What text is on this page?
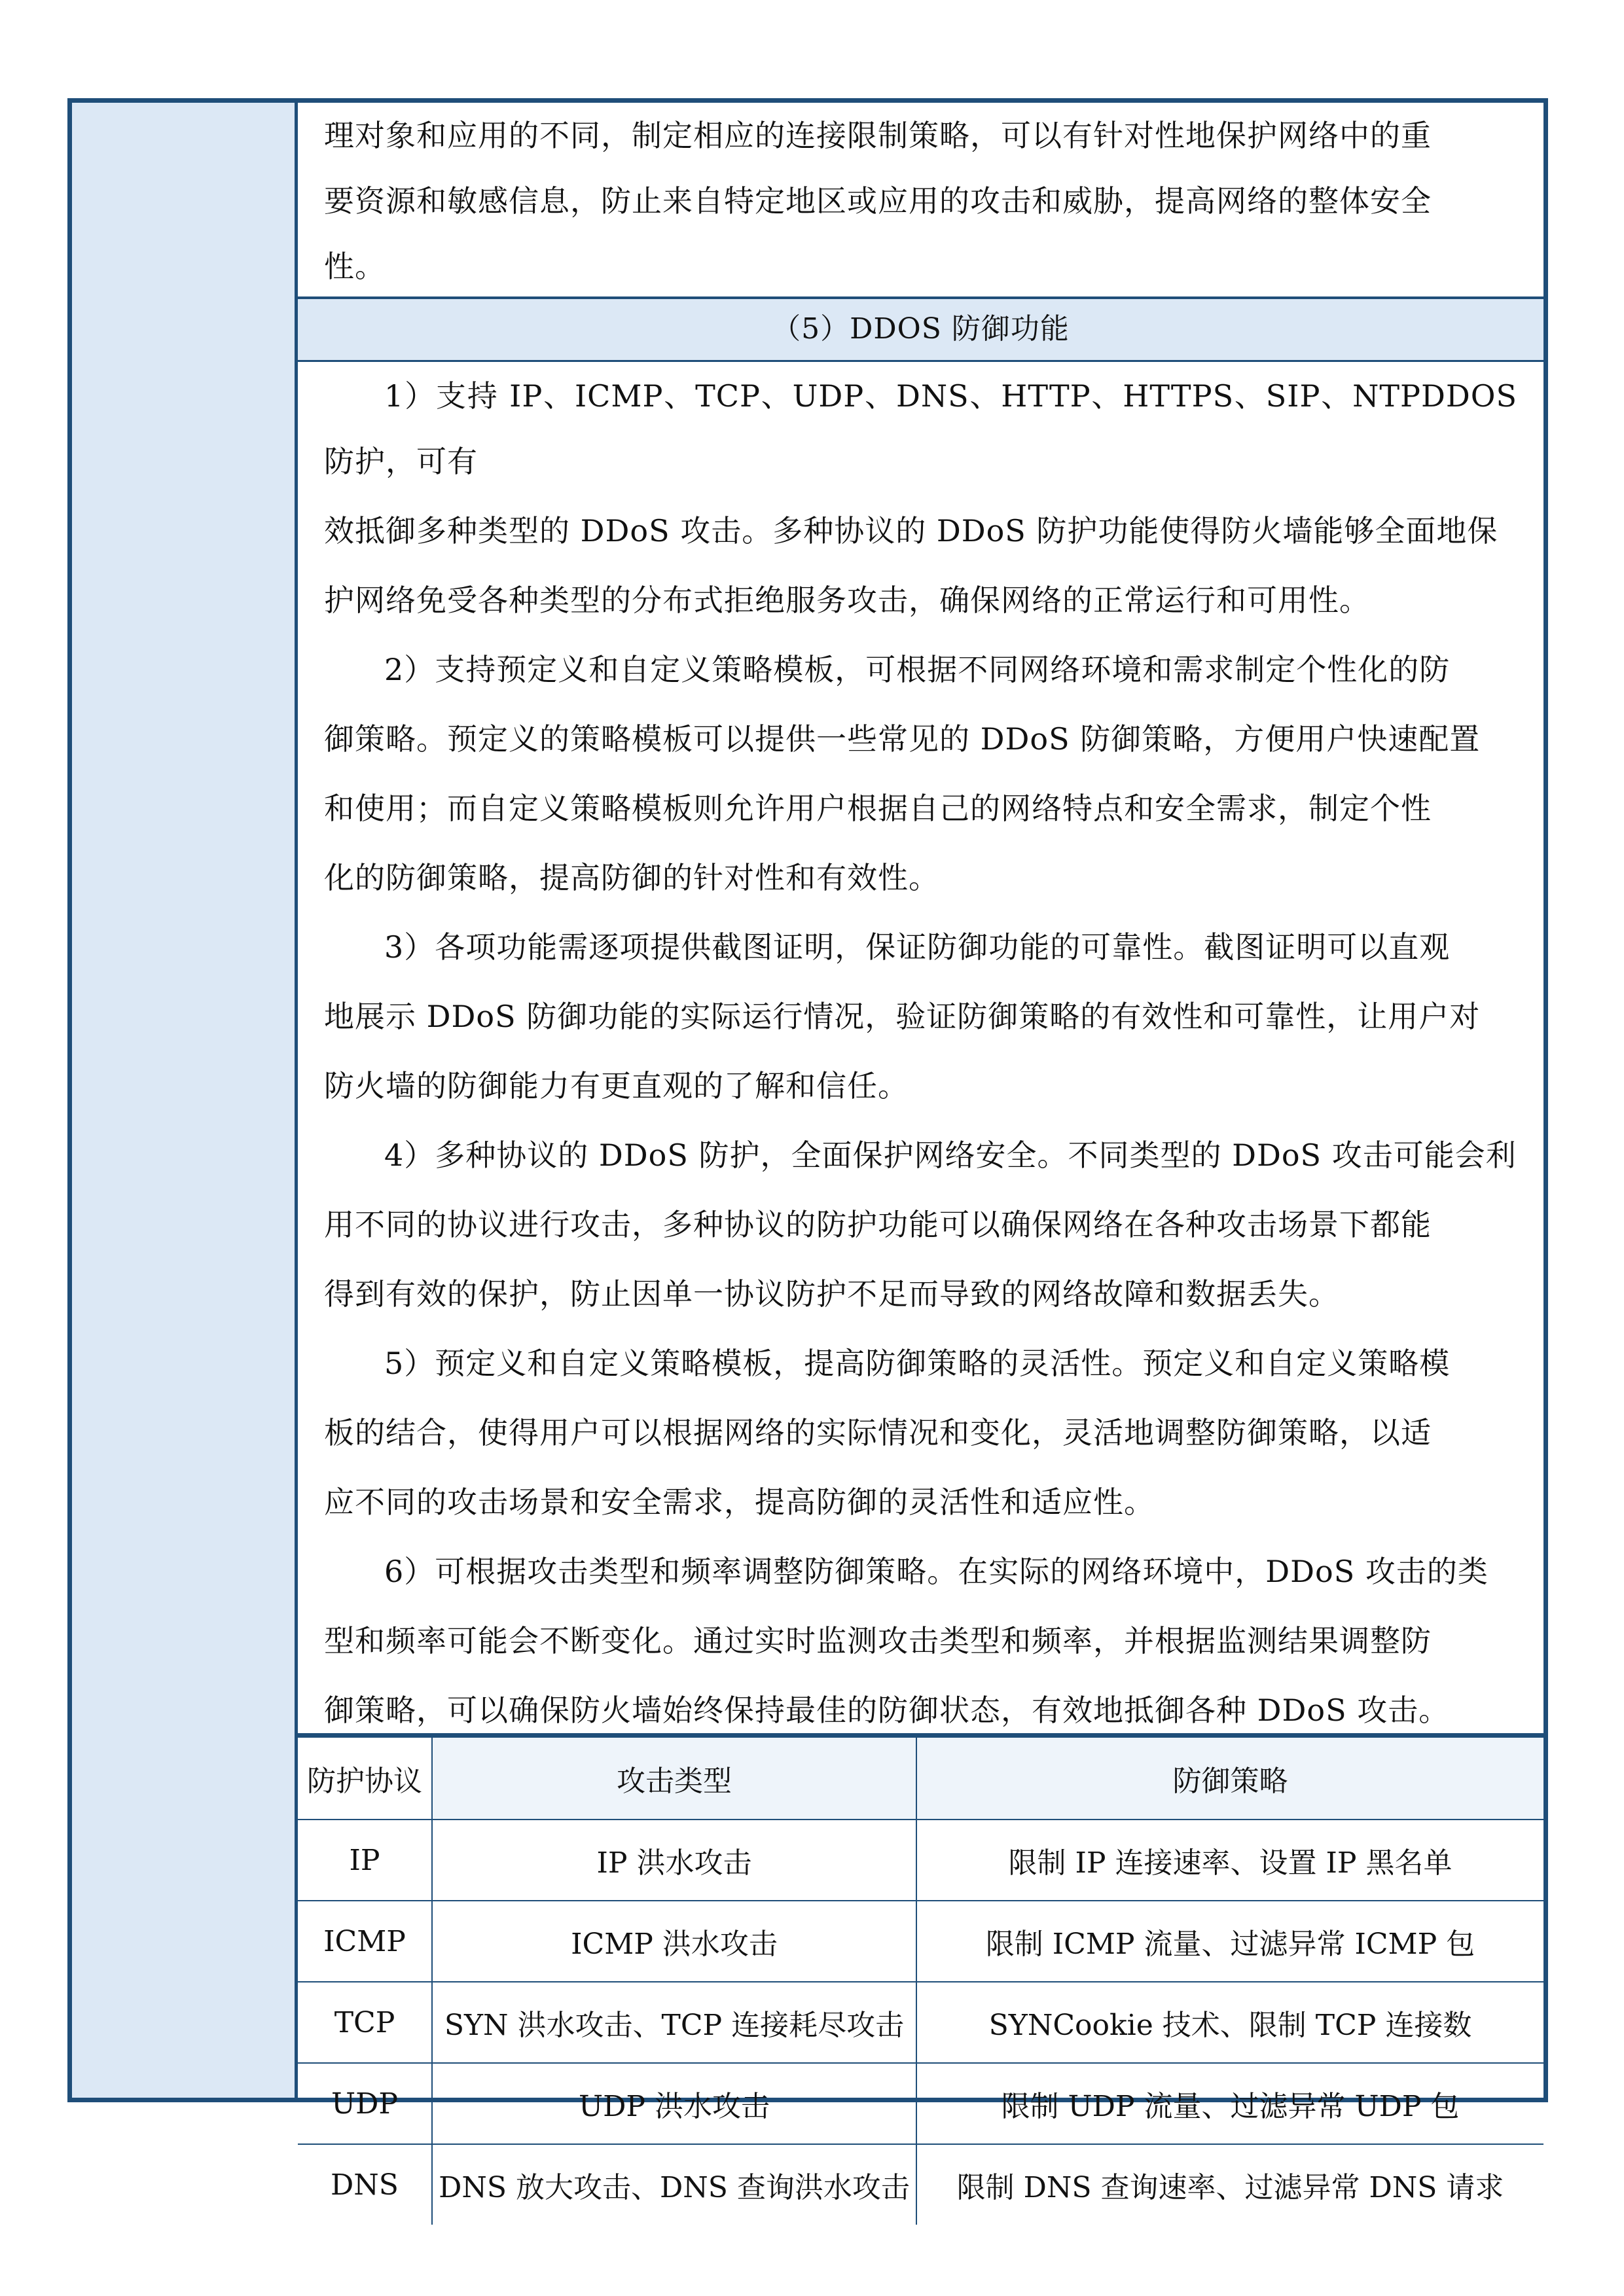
理对象和应用的不同，制定相应的连接限制策略，可以有针对性地保护网络中的重
要资源和敏感信息，防止来自特定地区或应用的攻击和威胁，提高网络的整体安全
性。
（5）DDOS 防御功能
1）支持 IP、ICMP、TCP、UDP、DNS、HTTP、HTTPS、SIP、NTPDDOS 防护，可有
效抵御多种类型的 DDoS 攻击。多种协议的 DDoS 防护功能使得防火墙能够全面地保
护网络免受各种类型的分布式拒绝服务攻击，确保网络的正常运行和可用性。
2）支持预定义和自定义策略模板，可根据不同网络环境和需求制定个性化的防
御策略。预定义的策略模板可以提供一些常见的 DDoS 防御策略，方便用户快速配置
和使用；而自定义策略模板则允许用户根据自己的网络特点和安全需求，制定个性
化的防御策略，提高防御的针对性和有效性。
3）各项功能需逐项提供截图证明，保证防御功能的可靠性。截图证明可以直观
地展示 DDoS 防御功能的实际运行情况，验证防御策略的有效性和可靠性，让用户对
防火墙的防御能力有更直观的了解和信任。
4）多种协议的 DDoS 防护，全面保护网络安全。不同类型的 DDoS 攻击可能会利
用不同的协议进行攻击，多种协议的防护功能可以确保网络在各种攻击场景下都能
得到有效的保护，防止因单一协议防护不足而导致的网络故障和数据丢失。
5）预定义和自定义策略模板，提高防御策略的灵活性。预定义和自定义策略模
板的结合，使得用户可以根据网络的实际情况和变化，灵活地调整防御策略，以适
应不同的攻击场景和安全需求，提高防御的灵活性和适应性。
6）可根据攻击类型和频率调整防御策略。在实际的网络环境中，DDoS 攻击的类
型和频率可能会不断变化。通过实时监测攻击类型和频率，并根据监测结果调整防
御策略，可以确保防火墙始终保持最佳的防御状态，有效地抵御各种 DDoS 攻击。
防护协议	攻击类型	防御策略
IP	IP 洪水攻击	限制 IP 连接速率、设置 IP 黑名单
ICMP	ICMP 洪水攻击	限制 ICMP 流量、过滤异常 ICMP 包
TCP	SYN 洪水攻击、TCP 连接耗尽攻击	SYNCookie 技术、限制 TCP 连接数
UDP	UDP 洪水攻击	限制 UDP 流量、过滤异常 UDP 包
DNS	DNS 放大攻击、DNS 查询洪水攻击	限制 DNS 查询速率、过滤异常 DNS 请求
